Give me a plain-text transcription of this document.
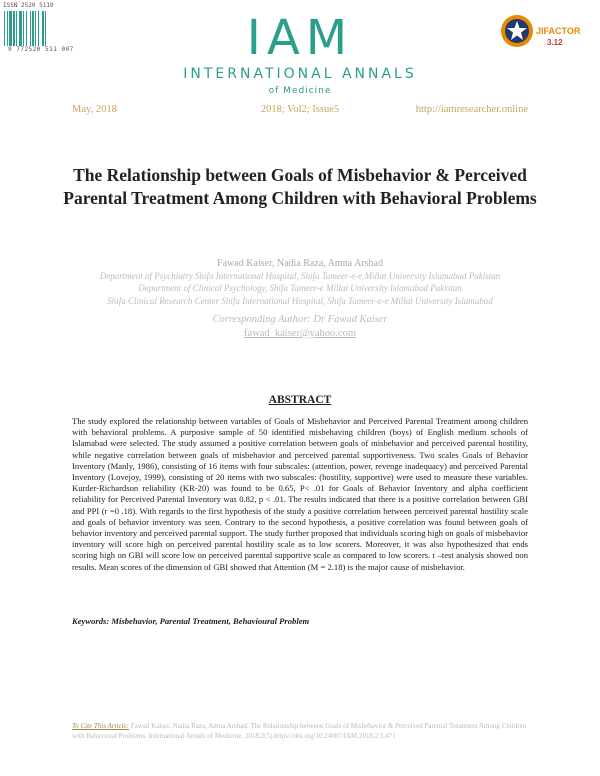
ISSN 2520 5110
9 772520 511 007	IAM
INTERNATIONAL ANNALS
of Medicine
JIFACTOR
3.12
May, 2018	2018; Vol2; Issue5	http://iamresearcher.online
The Relationship between Goals of Misbehavior & Perceived Parental Treatment Among Children with Behavioral Problems
Fawad Kaiser, Nadia Raza, Amna Arshad
Department of Psychiatry Shifa International Hospital, Shifa Tameer-e-e Millat University Islamabad Pakistan
Department of Clinical Psychology, Shifa Tameer-e Millat University Islamabad Pakistan
Shifa Clinical Research Center Shifa International Hospital, Shifa Tameer-e-e Millat University Islamabad
Corresponding Author: Dr Fawad Kaiser
fawad_kaiser@yahoo.com
ABSTRACT
The study explored the relationship between variables of Goals of Misbehavior and Perceived Parental Treatment among children with behavioral problems. A purposive sample of 50 identified misbehaving children (boys) of English medium schools of Islamabad were selected. The study assumed a positive correlation between goals of misbehavior and perceived parental hostility, while negative correlation between goals of misbehavior and perceived parental supportiveness. Two scales Goals of Behavior Inventory (Manly, 1986), consisting of 16 items with four subscales: (attention, power, revenge inadequacy) and perceived Parental Inventory (Lovejoy, 1999), consisting of 20 items with two subscales: (hostility, supportive) were used to measure these variables. Kurder-Richardson reliability (KR-20) was found to be 0.65, P< .01 for Goals of Behavior Inventory and alpha coefficient reliability for Perceived Parental Inventory was 0.82, p < .01. The results indicated that there is a positive correlation between GBI and PPI (r =0 .18). With regards to the first hypothesis of the study a positive correlation between perceived parental hostility scale and goals of behavior inventory was seen. Contrary to the second hypothesis, a positive correlation was found between goals of behavior inventory and perceived parental support. The study further proposed that individuals scoring high on goals of misbehavior inventory will score high on perceived parental hostility scale as to low scorers. Moreover, it was also hypothesized that ends scoring high on GBI will score low on perceived parental supportive scale as compared to low scorers. t –test analysis showed non results. Mean scores of the dimension of GBI showed that Attention (M = 2.18) is the major cause of misbehavior.
Keywords: Misbehavior, Parental Treatment, Behavioural Problem
To Cite This Article: Fawad Kaiser, Nadia Raza, Amna Arshad. The Relationship between Goals of Misbehavior & Perceived Parental Treatment Among Children with Behavioral Problems. International Annals of Medicine. 2018;2(5).https://doi.org/10.24087/IAM.2018.2.5.471
